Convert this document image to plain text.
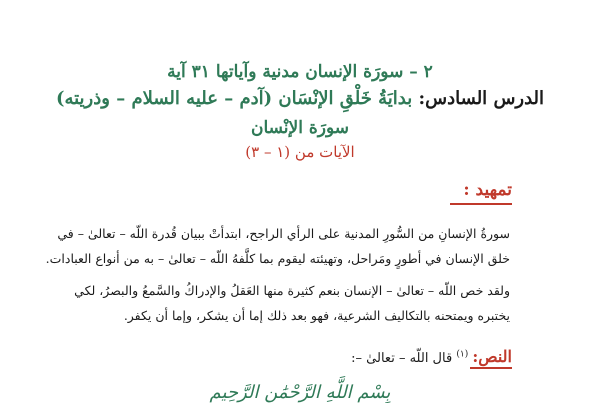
٢ – سورَة الإنسان مدنية وآياتها ٣١ آية
الدرس السادس: بدايَةُ خَلْقِ الإنْسَان (آدم – عليه السلام – وذريته)
سورَة الإنْسان
الآيات من (١ – ٣)
تمهيد :
سورةُ الإنسانِ من السُّورِ المدنية على الرأي الراجح، ابتدأتْ ببيان قُدرة اللّه – تعالىٰ – في
خلق الإنسان في أطورٍ ومَراحل، وتهيئته ليقوم بما كلَّفهُ اللّه – تعالىٰ – به من أنواع العبادات.
ولقد خص اللّه – تعالىٰ – الإنسان بنعم كثيرة منها العَقلُ والإدراكُ والسَّمعُ والبصرُ، لكي
يختبره ويمتحنه بالتكاليف الشرعية، فهو بعد ذلك إما أن يشكر، وإما أن يكفر.
النص: $^{(١)}$ قال اللّه – تعالىٰ –:
بِسْمِ اللَّهِ الرَّحْمَٰنِ الرَّحِيمِ
